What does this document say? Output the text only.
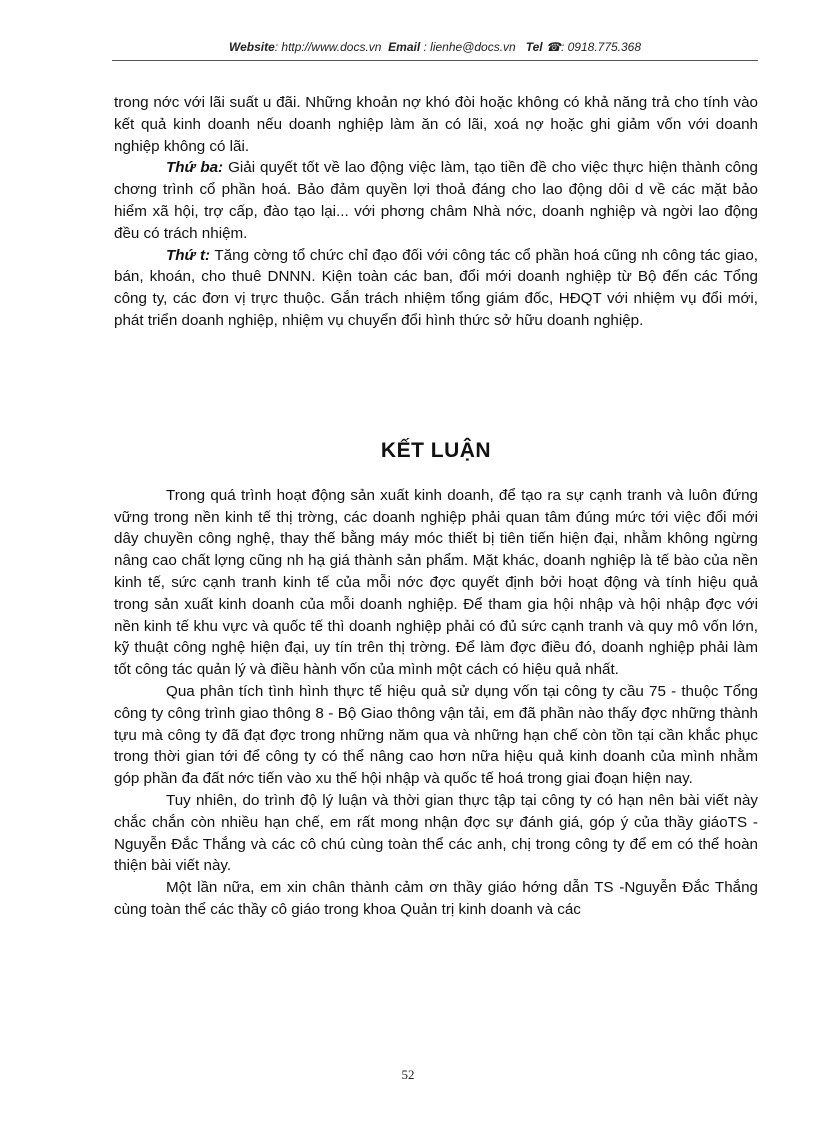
Website: http://www.docs.vn Email : lienhe@docs.vn Tel ☎: 0918.775.368

trong nớc với lãi suất u đãi. Những khoản nợ khó đòi hoặc không có khả năng trả cho tính vào kết quả kinh doanh nếu doanh nghiệp làm ăn có lãi, xoá nợ hoặc ghi giảm vốn với doanh nghiệp không có lãi.

Thứ ba: Giải quyết tốt về lao động việc làm, tạo tiền đề cho việc thực hiện thành công chơng trình cổ phần hoá. Bảo đảm quyền lợi thoả đáng cho lao động dôi d về các mặt bảo hiểm xã hội, trợ cấp, đào tạo lại... với phơng châm Nhà nớc, doanh nghiệp và ngời lao động đều có trách nhiệm.

Thứ t: Tăng cờng tổ chức chỉ đạo đối với công tác cổ phần hoá cũng nh công tác giao, bán, khoán, cho thuê DNNN. Kiện toàn các ban, đổi mới doanh nghiệp từ Bộ đến các Tổng công ty, các đơn vị trực thuộc. Gắn trách nhiệm tổng giám đốc, HĐQT với nhiệm vụ đổi mới, phát triển doanh nghiệp, nhiệm vụ chuyển đổi hình thức sở hữu doanh nghiệp.

KẾT LUẬN

Trong quá trình hoạt động sản xuất kinh doanh, để tạo ra sự cạnh tranh và luôn đứng vững trong nền kinh tế thị trờng, các doanh nghiệp phải quan tâm đúng mức tới việc đổi mới dây chuyền công nghệ, thay thế bằng máy móc thiết bị tiên tiến hiện đại, nhằm không ngừng nâng cao chất lợng cũng nh hạ giá thành sản phẩm. Mặt khác, doanh nghiệp là tế bào của nền kinh tế, sức cạnh tranh kinh tế của mỗi nớc đợc quyết định bởi hoạt động và tính hiệu quả trong sản xuất kinh doanh của mỗi doanh nghiệp. Để tham gia hội nhập và hội nhập đợc với nền kinh tế khu vực và quốc tế thì doanh nghiệp phải có đủ sức cạnh tranh và quy mô vốn lớn, kỹ thuật công nghệ hiện đại, uy tín trên thị trờng. Để làm đợc điều đó, doanh nghiệp phải làm tốt công tác quản lý và điều hành vốn của mình một cách có hiệu quả nhất.

Qua phân tích tình hình thực tế hiệu quả sử dụng vốn tại công ty cầu 75 - thuộc Tổng công ty công trình giao thông 8 - Bộ Giao thông vận tải, em đã phần nào thấy đợc những thành tựu mà công ty đã đạt đợc trong những năm qua và những hạn chế còn tồn tại cần khắc phục trong thời gian tới để công ty có thể nâng cao hơn nữa hiệu quả kinh doanh của mình nhằm góp phần đa đất nớc tiến vào xu thế hội nhập và quốc tế hoá trong giai đoạn hiện nay.

Tuy nhiên, do trình độ lý luận và thời gian thực tập tại công ty có hạn nên bài viết này chắc chắn còn nhiều hạn chế, em rất mong nhận đợc sự đánh giá, góp ý của thầy giáoTS - Nguyễn Đắc Thắng và các cô chú cùng toàn thể các anh, chị trong công ty để em có thể hoàn thiện bài viết này.

Một lần nữa, em xin chân thành cảm ơn thầy giáo hớng dẫn TS -Nguyễn Đắc Thắng cùng toàn thể các thầy cô giáo trong khoa Quản trị kinh doanh và các

52
